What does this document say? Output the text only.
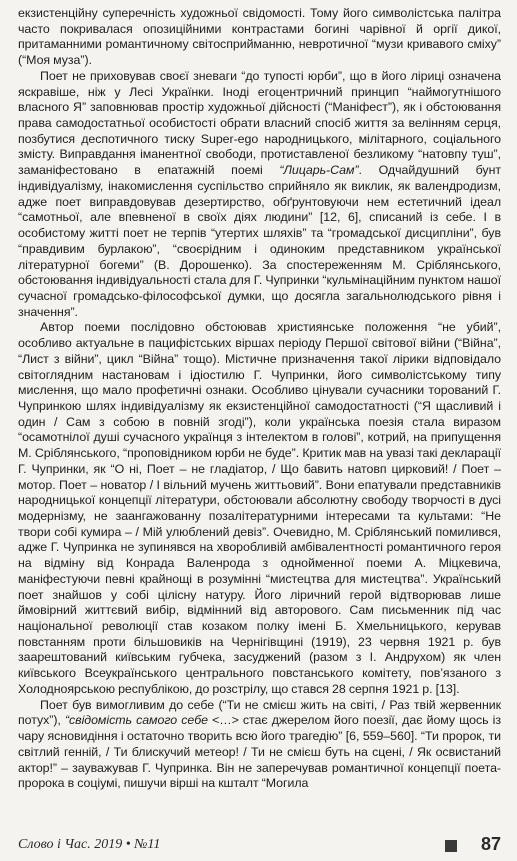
екзистенційну суперечність художньої свідомості. Тому його символістська палітра часто покривалася опозиційними контрастами богині чарівної й оргії дикої, притаманними романтичному світосприйманню, невротичної “музи кривавого сміху” (“Моя муза”).

Поет не приховував своєї зневаги “до тупості юрби”, що в його ліриці означена яскравіше, ніж у Лесі Українки. Іноді егоцентричний принцип “наймогутнішого власного Я” заповнював простір художньої дійсності (“Маніфест”), як і обстоювання права самодостатньої особистості обрати власний спосіб життя за велінням серця, позбутися деспотичного тиску Super-ego народницького, мілітарного, соціального змісту. Виправдання іманентної свободи, протиставленої безликому “натовпу туш”, заманіфестовано в епатажній поемі “Лицарь-Сам”. Одчайдушний бунт індивідуалізму, інакомислення суспільство сприйняло як виклик, як валендродизм, адже поет виправдовував дезертирство, обґрунтовуючи нем естетичний ідеал “самотньої, але впевненої в своїх діях людини” [12, 6], списаний із себе. І в особистому житті поет не терпів “утертих шляхів” та “громадської дисципліни”, був “правдивим бурлакою”, “своєрідним і одиноким представником української літературної богеми” (В. Дорошенко). За спостереженням М. Сріблянського, обстоювання індивідуальності стала для Г. Чупринки “кульмінаційним пунктом нашої сучасної громадсько-філософської думки, що досягла загальнолюдського рівня і значення”.

Автор поеми послідовно обстоював християнське положення “не убий”, особливо актуальне в пацифістських віршах періоду Першої світової війни (“Війна”, “Лист з війни”, цикл “Війна” тощо). Містичне призначення такої лірики відповідало світоглядним настановам і ідіостилю Г. Чупринки, його символістському типу мислення, що мало профетичні ознаки. Особливо цінували сучасники торований Г. Чупринкою шлях індивідуалізму як екзистенційної самодостатності (“Я щасливий і один / Сам з собою в повній згоді”), коли українська поезія стала виразом “осамотнілої душі сучасного українця з інтелектом в голові”, котрий, на припущення М. Сріблянського, “проповідником юрби не буде”. Критик мав на увазі такі декларації Г. Чупринки, як “О ні, Поет – не гладіатор, / Що бавить натовп цирковий! / Поет – мотор. Поет – новатор / І вільний мучень життьовий”. Вони епатували представників народницької концепції літератури, обстоювали абсолютну свободу творчості в дусі модернізму, не заангажованну позалітературними інтересами та культами: “Не твори собі кумира – / Мій улюблений девіз”. Очевидно, М. Сріблянський помилився, адже Г. Чупринка не зупинявся на хворобливій амбівалентності романтичного героя на відміну від Конрада Валенрода з однойменної поеми А. Міцкевича, маніфестуючи певні крайнощі в розумінні “мистецтва для мистецтва”. Український поет знайшов у собі цілісну натуру. Його ліричний герой відтворював лише ймовірний життєвий вибір, відмінний від авторового. Сам письменник під час національної революції став козаком полку імені Б. Хмельницького, керував повстанням проти більшовиків на Чернігівщині (1919), 23 червня 1921 р. був заарештований київським губчека, засуджений (разом з І. Андрухом) як член київського Всеукраїнського центрального повстанського комітету, пов’язаного з Холодноярською республікою, до розстрілу, що стався 28 серпня 1921 р. [13].

Поет був вимогливим до себе (“Ти не смієш жить на світі, / Раз твій жервенник потух”), “свідомість самого себе <…> стає джерелом його поезії, дає йому щось із чару ясновидіння і остаточно творить всю його трагедію” [6, 559–560]. “Ти пророк, ти світлий генній, / Ти блискучий метеор! / Ти не смієш буть на сцені, / Як освистаний актор!” – зауважував Г. Чупринка. Він не заперечував романтичної концепції поета-пророка в соціумі, пишучи вірші на кшталт “Могила

Слово і Час. 2019 • №11	87
